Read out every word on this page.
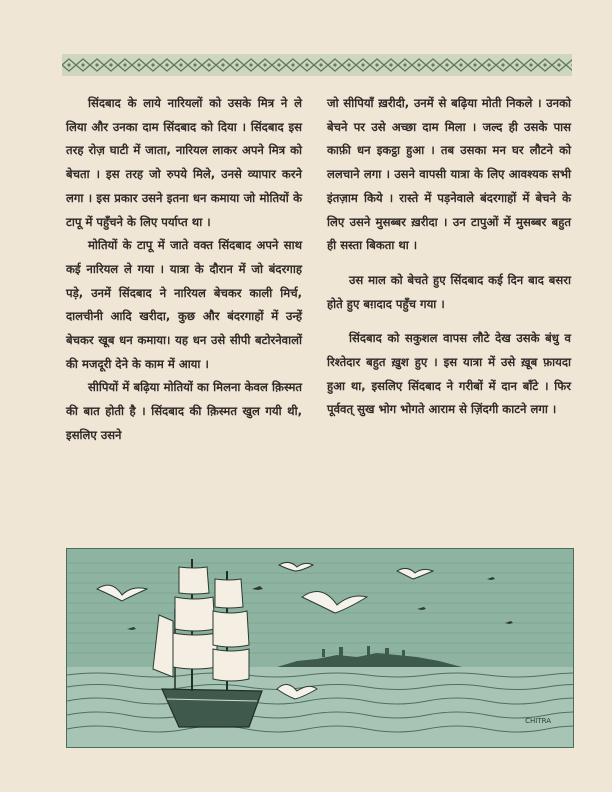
सिंदबाद के लाये नारियलों को उसके मित्र ने ले लिया और उनका दाम सिंदबाद को दिया । सिंदबाद इस तरह रोज़ घाटी में जाता, नारियल लाकर अपने मित्र को बेचता । इस तरह जो रुपये मिले, उनसे व्यापार करने लगा । इस प्रकार उसने इतना धन कमाया जो मोतियों के टापू में पहुँचने के लिए पर्याप्त था ।

मोतियों के टापू में जाते वक्त सिंदबाद अपने साथ कई नारियल ले गया । यात्रा के दौरान में जो बंदरगाह पड़े, उनमें सिंदबाद ने नारियल बेचकर काली मिर्च, दालचीनी आदि खरीदा, कुछ और बंदरगाहों में उन्हें बेचकर खूब धन कमाया। यह धन उसे सीपी बटोरनेवालों की मजदूरी देने के काम में आया ।

सीपियों में बढ़िया मोतियों का मिलना केवल क़िस्मत की बात होती है । सिंदबाद की क़िस्मत खुल गयी थी, इसलिए उसने

जो सीपियाँ ख़रीदी, उनमें से बढ़िया मोती निकले । उनको बेचने पर उसे अच्छा दाम मिला । जल्द ही उसके पास काफ़ी धन इकट्ठा हुआ । तब उसका मन घर लौटने को ललचाने लगा । उसने वापसी यात्रा के लिए आवश्यक सभी इंतज़ाम किये । रास्ते में पड़नेवाले बंदरगाहों में बेचने के लिए उसने मुसब्बर ख़रीदा । उन टापुओं में मुसब्बर बहुत ही सस्ता बिकता था ।

उस माल को बेचते हुए सिंदबाद कई दिन बाद बसरा होते हुए बग़दाद पहुँच गया ।

सिंदबाद को सकुशल वापस लौटे देख उसके बंधु व रिश्तेदार बहुत ख़ुश हुए । इस यात्रा में उसे ख़ूब फ़ायदा हुआ था, इसलिए सिंदबाद ने गरीबों में दान बाँटे । फिर पूर्ववत् सुख भोग भोगते आराम से ज़िंदगी काटने लगा ।

CHITRA
